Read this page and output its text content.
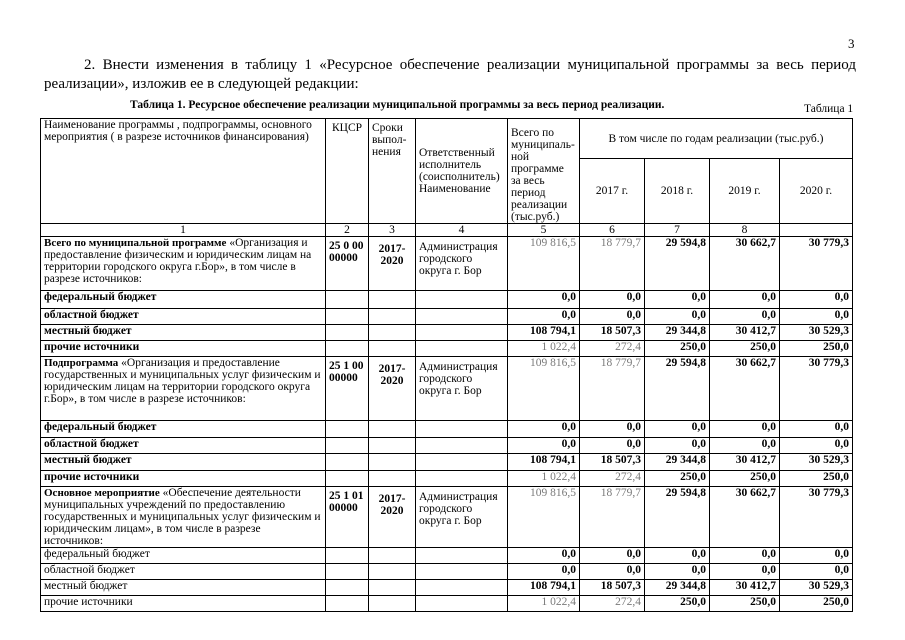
3

2. Внести изменения в таблицу 1 «Ресурсное обеспечение реализации муниципальной программы за весь период реализации», изложив ее в следующей редакции:

Таблица 1. Ресурсное обеспечение реализации муниципальной программы за весь период реализации.	Таблица 1
Наименование программы , подпрограммы, основного мероприятия ( в разрезе источников финансирования)	КЦСР	Сроки выпол-нения	Ответственный исполнитель (соисполнитель) Наименование	Всего по муниципаль-ной программе за весь период реализации (тыс.руб.)	В том числе по годам реализации (тыс.руб.)			
					2017 г.	2018 г.	2019 г.	2020 г.
1	2	3	4	5	6	7	8	
Всего по муниципальной программе «Организация и предоставление физическим и юридическим лицам на территории городского округа г.Бор», в том числе в разрезе источников:	25 0 00 00000	2017-2020	Администрация городского округа г. Бор	109 816,5	18 779,7	29 594,8	30 662,7	30 779,3
федеральный бюджет				0,0	0,0	0,0	0,0	0,0
областной бюджет				0,0	0,0	0,0	0,0	0,0
местный бюджет				108 794,1	18 507,3	29 344,8	30 412,7	30 529,3
прочие источники				1 022,4	272,4	250,0	250,0	250,0
Подпрограмма «Организация и предоставление государственных и муниципальных услуг физическим и юридическим лицам на территории городского округа г.Бор», в том числе в разрезе источников:	25 1 00 00000	2017-2020	Администрация городского округа г. Бор	109 816,5	18 779,7	29 594,8	30 662,7	30 779,3
федеральный бюджет				0,0	0,0	0,0	0,0	0,0
областной бюджет				0,0	0,0	0,0	0,0	0,0
местный бюджет				108 794,1	18 507,3	29 344,8	30 412,7	30 529,3
прочие источники				1 022,4	272,4	250,0	250,0	250,0
Основное мероприятие «Обеспечение деятельности муниципальных учреждений по предоставлению государственных и муниципальных услуг физическим и юридическим лицам», в том числе в разрезе источников:	25 1 01 00000	2017-2020	Администрация городского округа г. Бор	109 816,5	18 779,7	29 594,8	30 662,7	30 779,3
федеральный бюджет				0,0	0,0	0,0	0,0	0,0
областной бюджет				0,0	0,0	0,0	0,0	0,0
местный бюджет				108 794,1	18 507,3	29 344,8	30 412,7	30 529,3
прочие источники				1 022,4	272,4	250,0	250,0	250,0
